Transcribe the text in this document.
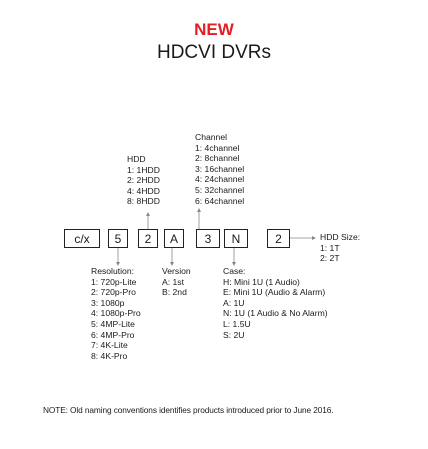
NEW
HDCVI DVRs
c/x	5	2	A	3	N	2
Channel
1: 4channel
2: 8channel
3: 16channel
4: 24channel
5: 32channel
6: 64channel
HDD
1: 1HDD
2: 2HDD
4: 4HDD
8: 8HDD
HDD Size:
1: 1T
2: 2T
Resolution:
1: 720p-Lite
2: 720p-Pro
3: 1080p
4: 1080p-Pro
5: 4MP-Lite
6: 4MP-Pro
7: 4K-Lite
8: 4K-Pro
Version
A: 1st
B: 2nd
Case:
H: Mini 1U (1 Audio)
E: Mini 1U (Audio & Alarm)
A: 1U
N: 1U (1 Audio & No Alarm)
L: 1.5U
S: 2U
NOTE: Old naming conventions identifies products introduced prior to June 2016.
